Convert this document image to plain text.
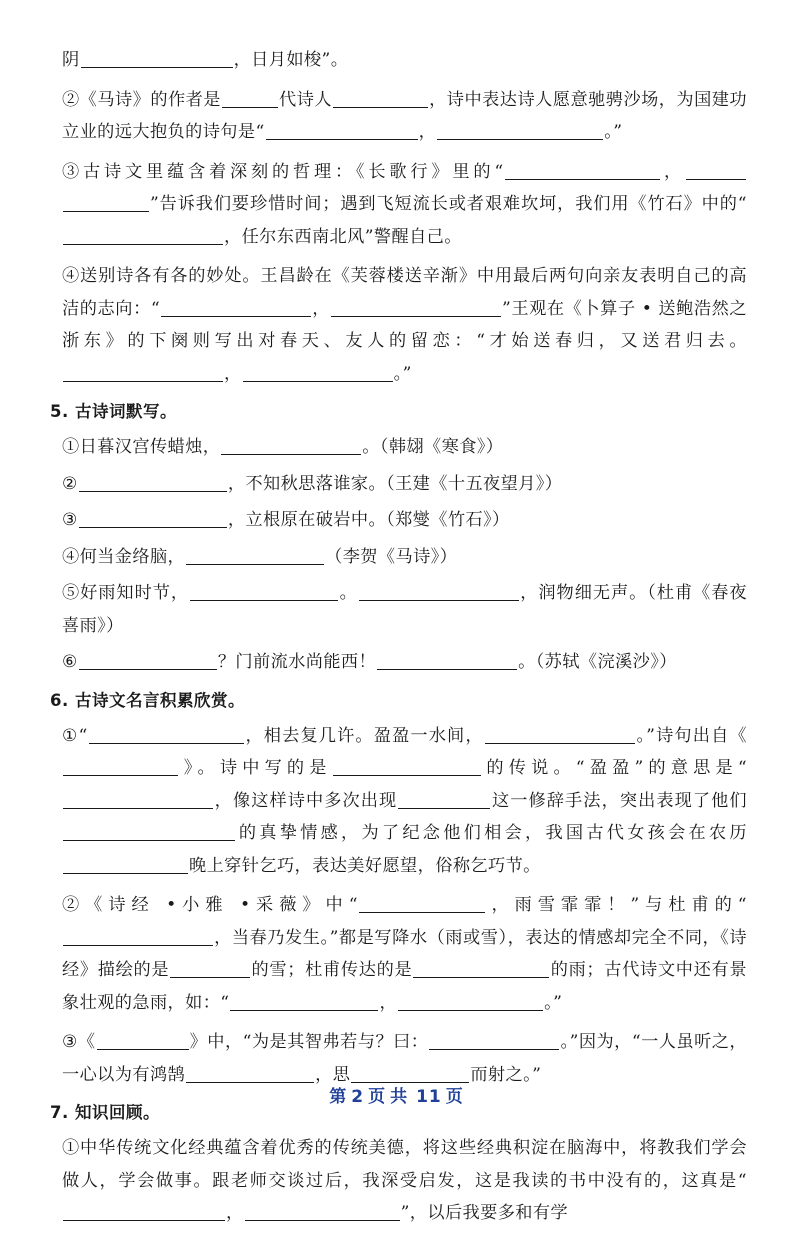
阴	，日月如梭”。

②《马诗》的作者是	代诗人	，诗中表达诗人愿意驰骋沙场，为国建功立业的远大抱负的诗句是“	，	。”

③古诗文里蕴含着深刻的哲理：《长歌行》里的“	，”告诉我们要珍惜时间；遇到飞短流长或者艰难坎坷，我们用《竹石》中的“，任尔东西南北风”警醒自己。

④送别诗各有各的妙处。王昌龄在《芙蓉楼送辛渐》中用最后两句向亲友表明自己的高洁的志向：“	，	”王观在《卜算子 • 送鲍浩然之浙东》的下阕则写出对春天、友人的留恋：“才始送春归，又送君归去。，	。”

5. 古诗词默写。

①日暮汉宫传蜡烛，	。（韩翃《寒食》）

②	，不知秋思落谁家。（王建《十五夜望月》）

③	，立根原在破岩中。（郑燮《竹石》）

④何当金络脑，	（李贺《马诗》）

⑤好雨知时节，	。	，润物细无声。（杜甫《春夜喜雨》）

⑥	？门前流水尚能西！	。（苏轼《浣溪沙》）

6. 古诗文名言积累欣赏。

①“	，相去复几许。盈盈一水间，	。”诗句出自《》。诗中写的是	的传说。“盈盈”的意思是“，像这样诗中多次出现	这一修辞手法，突出表现了他们的真挚情感，为了纪念他们相会，我国古代女孩会在农历晚上穿针乞巧，表达美好愿望，俗称乞巧节。

②《诗经 •小雅 •采薇》中“	，雨雪霏霏！”与杜甫的“，当春乃发生。”都是写降水（雨或雪），表达的情感却完全不同，《诗经》描绘的是	的雪；杜甫传达的是	的雨；古代诗文中还有景象壮观的急雨，如：“	，	。”

③《	》中，“为是其智弗若与？曰：	。”因为，“一人虽听之，一心以为有鸿鹄	，思	而射之。”

7. 知识回顾。

①中华传统文化经典蕴含着优秀的传统美德，将这些经典积淀在脑海中，将教我们学会做人，学会做事。跟老师交谈过后，我深受启发，这是我读的书中没有的，这真是“，	”，以后我要多和有学

第 2 页 共 11 页
